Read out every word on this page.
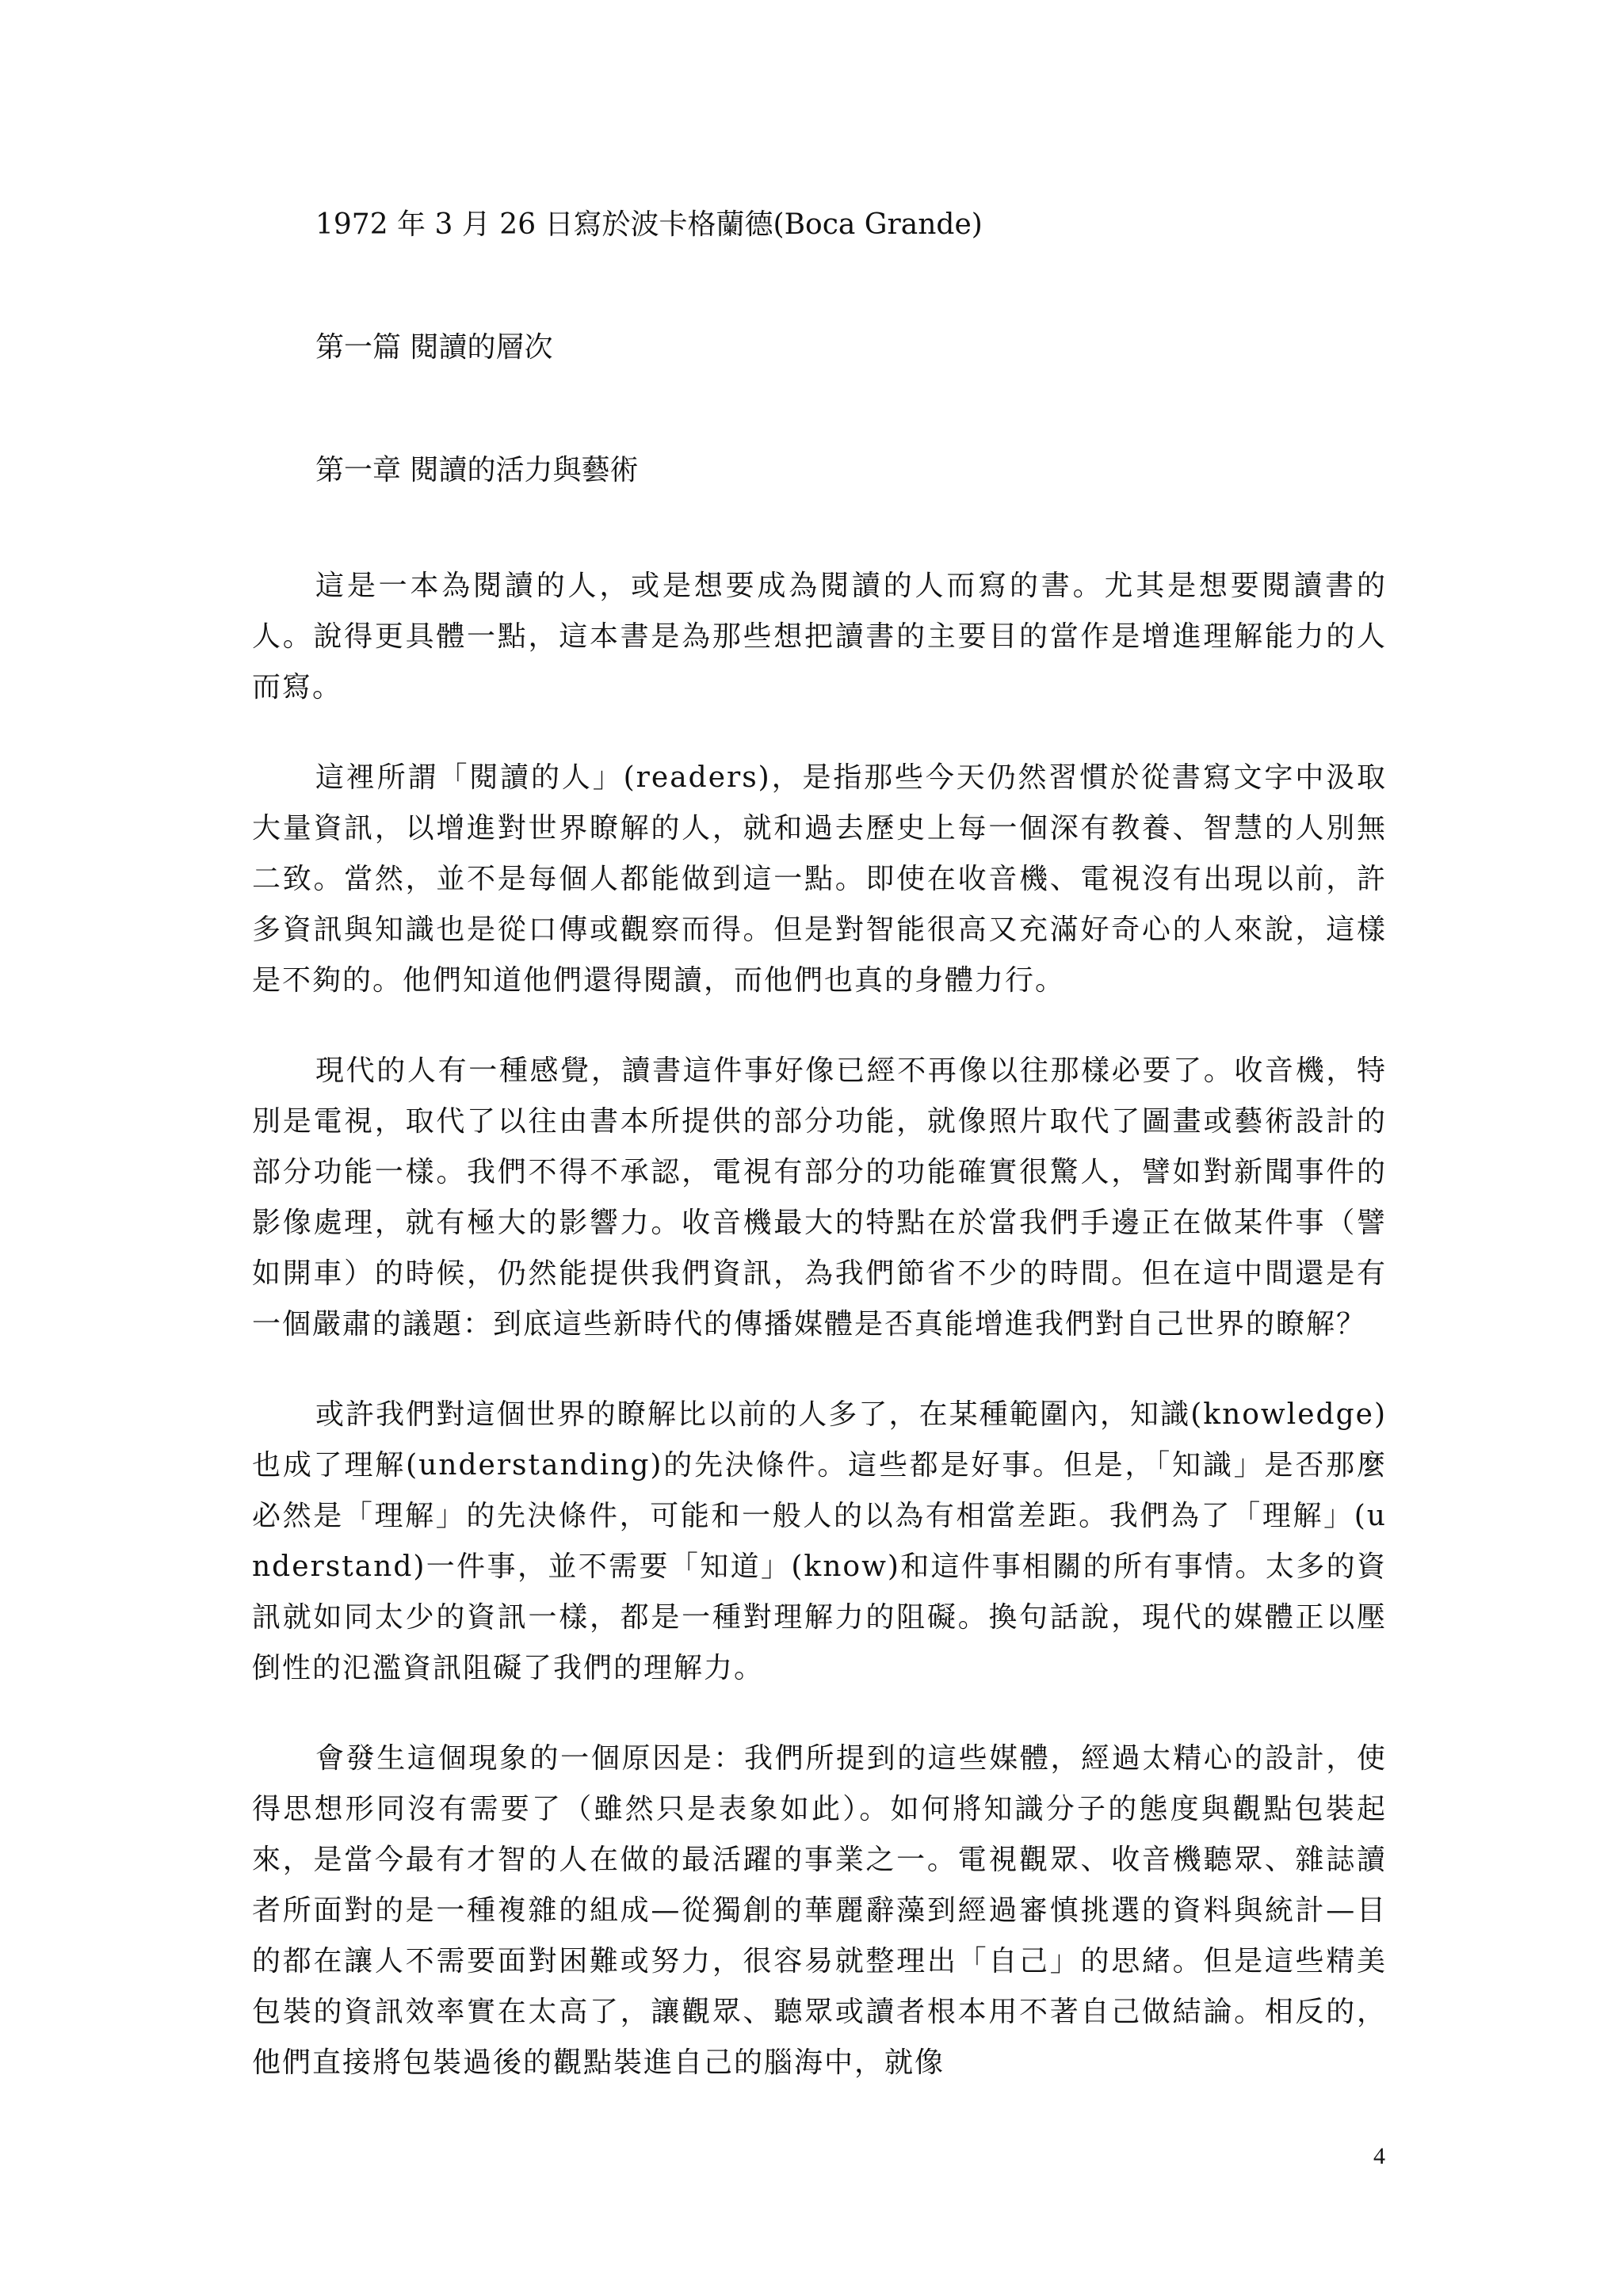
1972 年 3 月 26 日寫於波卡格蘭德(Boca Grande)

第一篇 閱讀的層次

第一章 閱讀的活力與藝術

這是一本為閱讀的人，或是想要成為閱讀的人而寫的書。尤其是想要閱讀書的人。說得更具體一點，這本書是為那些想把讀書的主要目的當作是增進理解能力的人而寫。

這裡所謂「閱讀的人」(readers)，是指那些今天仍然習慣於從書寫文字中汲取大量資訊，以增進對世界瞭解的人，就和過去歷史上每一個深有教養、智慧的人別無二致。當然，並不是每個人都能做到這一點。即使在收音機、電視沒有出現以前，許多資訊與知識也是從口傳或觀察而得。但是對智能很高又充滿好奇心的人來說，這樣是不夠的。他們知道他們還得閱讀，而他們也真的身體力行。

現代的人有一種感覺，讀書這件事好像已經不再像以往那樣必要了。收音機，特別是電視，取代了以往由書本所提供的部分功能，就像照片取代了圖畫或藝術設計的部分功能一樣。我們不得不承認，電視有部分的功能確實很驚人，譬如對新聞事件的影像處理，就有極大的影響力。收音機最大的特點在於當我們手邊正在做某件事（譬如開車）的時候，仍然能提供我們資訊，為我們節省不少的時間。但在這中間還是有一個嚴肅的議題：到底這些新時代的傳播媒體是否真能增進我們對自己世界的瞭解？

或許我們對這個世界的瞭解比以前的人多了，在某種範圍內，知識(knowledge)也成了理解(understanding)的先決條件。這些都是好事。但是，「知識」是否那麼必然是「理解」的先決條件，可能和一般人的以為有相當差距。我們為了「理解」(understand)一件事，並不需要「知道」(know)和這件事相關的所有事情。太多的資訊就如同太少的資訊一樣，都是一種對理解力的阻礙。換句話說，現代的媒體正以壓倒性的氾濫資訊阻礙了我們的理解力。

會發生這個現象的一個原因是：我們所提到的這些媒體，經過太精心的設計，使得思想形同沒有需要了（雖然只是表象如此）。如何將知識分子的態度與觀點包裝起來，是當今最有才智的人在做的最活躍的事業之一。電視觀眾、收音機聽眾、雜誌讀者所面對的是一種複雜的組成—從獨創的華麗辭藻到經過審慎挑選的資料與統計—目的都在讓人不需要面對困難或努力，很容易就整理出「自己」的思緒。但是這些精美包裝的資訊效率實在太高了，讓觀眾、聽眾或讀者根本用不著自己做結論。相反的，他們直接將包裝過後的觀點裝進自己的腦海中，就像

4
